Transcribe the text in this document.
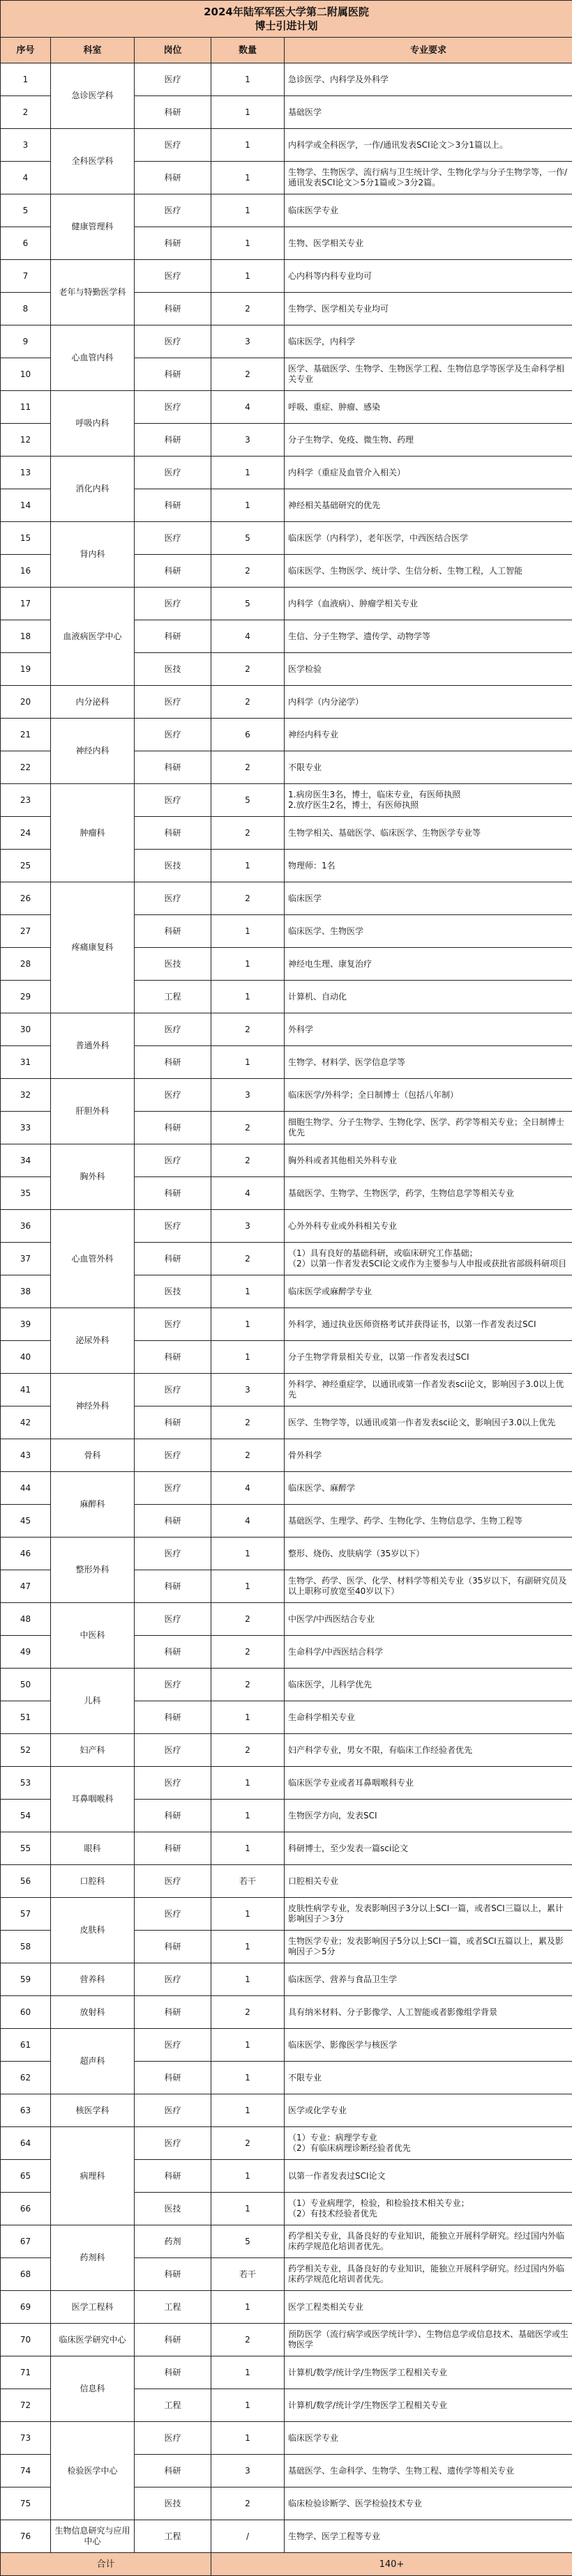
2024年陆军军医大学第二附属医院
博士引进计划				

序号	科室	岗位	数量	专业要求
1	急诊医学科	医疗	1	急诊医学、内科学及外科学
2		科研	1	基础医学
3	全科医学科	医疗	1	内科学或全科医学，一作/通讯发表SCI论文＞3分1篇以上。
4		科研	1	生物学、生物医学、流行病与卫生统计学、生物化学与分子生物学等，一作/通讯发表SCI论文＞5分1篇或＞3分2篇。
5	健康管理科	医疗	1	临床医学专业
6		科研	1	生物、医学相关专业
7	老年与特勤医学科	医疗	1	心内科等内科专业均可
8		科研	2	生物学、医学相关专业均可
9	心血管内科	医疗	3	临床医学，内科学
10		科研	2	医学、基础医学、生物学、生物医学工程、生物信息学等医学及生命科学相关专业
11	呼吸内科	医疗	4	呼吸、重症、肿瘤、感染
12		科研	3	分子生物学、免疫、微生物、药理
13	消化内科	医疗	1	内科学（重症及血管介入相关）
14		科研	1	神经相关基础研究的优先
15	肾内科	医疗	5	临床医学（内科学），老年医学，中西医结合医学
16		科研	2	临床医学、生物医学、统计学、生信分析、生物工程，人工智能
17	血液病医学中心	医疗	5	内科学（血液病）、肿瘤学相关专业
18		科研	4	生信、分子生物学、遗传学、动物学等
19		医技	2	医学检验
20	内分泌科	医疗	2	内科学（内分泌学）
21	神经内科	医疗	6	神经内科专业
22		科研	2	不限专业
23	肿瘤科	医疗	5	1.病房医生3名，博士，临床专业，有医师执照
2.放疗医生2名，博士，有医师执照
24		科研	2	生物学相关、基础医学、临床医学、生物医学专业等
25		医技	1	物理师：1名
26	疼痛康复科	医疗	2	临床医学
27		科研	1	临床医学、生物医学
28		医技	1	神经电生理、康复治疗
29		工程	1	计算机、自动化
30	普通外科	医疗	2	外科学
31		科研	1	生物学、材料学、医学信息学等
32	肝胆外科	医疗	3	临床医学/外科学；全日制博士（包括八年制）
33		科研	2	细胞生物学、分子生物学、生物化学、医学、药学等相关专业；全日制博士优先
34	胸外科	医疗	2	胸外科或者其他相关外科专业
35		科研	4	基础医学、生物学、生物医学，药学，生物信息学等相关专业
36	心血管外科	医疗	3	心外外科专业或外科相关专业
37		科研	2	（1）具有良好的基础科研，或临床研究工作基础；
（2）以第一作者发表SCI论文或作为主要参与人申报或获批省部级科研项目
38		医技	1	临床医学或麻醉学专业
39	泌尿外科	医疗	1	外科学，通过执业医师资格考试并获得证书，以第一作者发表过SCI
40		科研	1	分子生物学背景相关专业，以第一作者发表过SCI
41	神经外科	医疗	3	外科学、神经重症学，以通讯或第一作者发表sci论文，影响因子3.0以上优先
42		科研	2	医学、生物学等，以通讯或第一作者发表sci论文，影响因子3.0以上优先
43	骨科	医疗	2	骨外科学
44	麻醉科	医疗	4	临床医学、麻醉学
45		科研	4	基础医学、生理学、药学、生物化学、生物信息学、生物工程等
46	整形外科	医疗	1	整形、烧伤、皮肤病学（35岁以下）
47		科研	1	生物学、药学、医学、化学、材料学等相关专业（35岁以下，有副研究员及以上职称可放宽至40岁以下）
48	中医科	医疗	2	中医学/中西医结合专业
49		科研	2	生命科学/中西医结合科学
50	儿科	医疗	2	临床医学，儿科学优先
51		科研	1	生命科学相关专业
52	妇产科	医疗	2	妇产科学专业，男女不限，有临床工作经验者优先
53	耳鼻咽喉科	医疗	1	临床医学专业或者耳鼻咽喉科专业
54		科研	1	生物医学方向，发表SCI
55	眼科	科研	1	科研博士，至少发表一篇sci论文
56	口腔科	医疗	若干	口腔相关专业
57	皮肤科	医疗	1	皮肤性病学专业，发表影响因子3分以上SCI一篇，或者SCI三篇以上，累计影响因子＞3分
58		科研	1	生物医学专业；发表影响因子5分以上SCI一篇，或者SCI五篇以上，累及影响因子＞5分
59	营养科	医疗	1	临床医学、营养与食品卫生学
60	放射科	科研	2	具有纳米材料、分子影像学、人工智能或者影像组学背景
61	超声科	医疗	1	临床医学、影像医学与核医学
62		科研	1	不限专业
63	核医学科	医疗	1	医学或化学专业
64	病理科	医疗	2	（1）专业：病理学专业
（2）有临床病理诊断经验者优先
65		科研	1	以第一作者发表过SCI论文
66		医技	1	（1）专业病理学，检验，和检验技术相关专业；
（2）有技术经验者优先
67	药剂科	药剂	5	药学相关专业，具备良好的专业知识，能独立开展科学研究。经过国内外临床药学规范化培训者优先。
68		科研	若干	药学相关专业，具备良好的专业知识，能独立开展科学研究。经过国内外临床药学规范化培训者优先。
69	医学工程科	工程	1	医学工程类相关专业
70	临床医学研究中心	科研	2	预防医学（流行病学或医学统计学）、生物信息学或信息技术、基础医学或生物医学
71	信息科	科研	1	计算机/数学/统计学/生物医学工程相关专业
72		工程	1	计算机/数学/统计学/生物医学工程相关专业
73	检验医学中心	医疗	1	临床医学专业
74		科研	3	基础医学、生命科学、生物学、生物工程、遗传学等相关专业
75		医技	2	临床检验诊断学、医学检验技术专业
76	生物信息研究与应用中心	工程	/	生物学、医学工程等专业
合计			140+	
